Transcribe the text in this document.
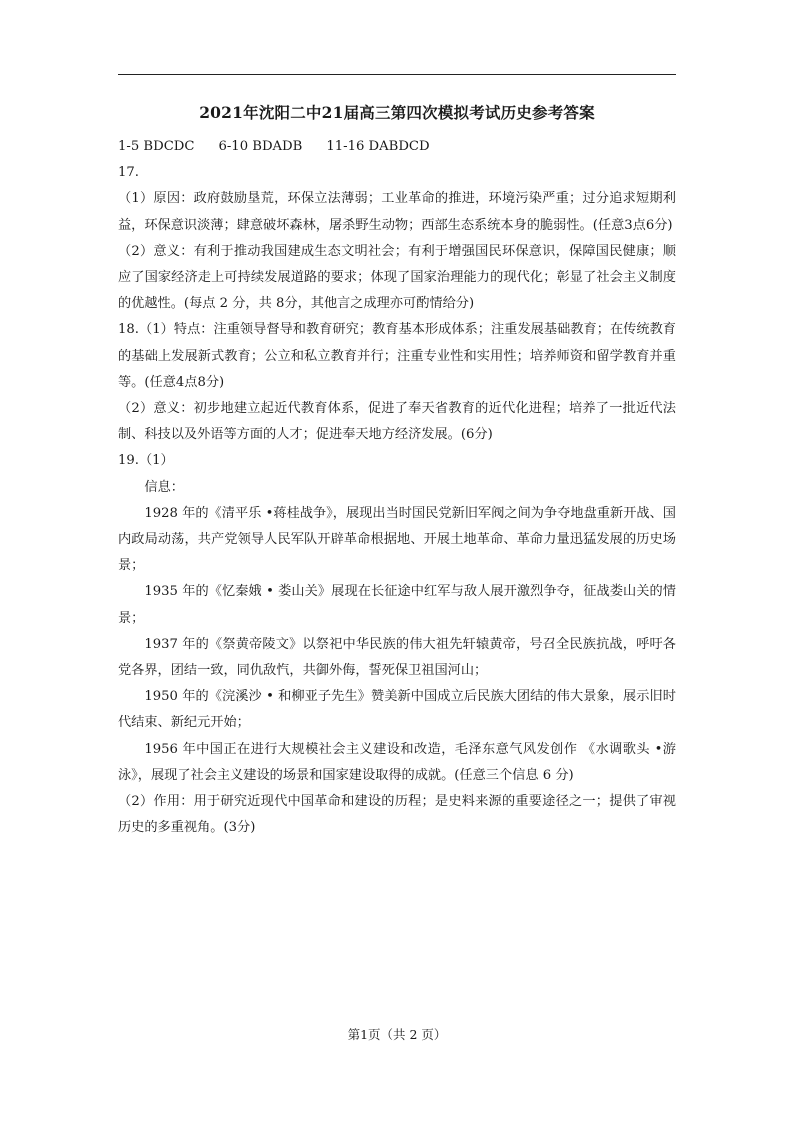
2021年沈阳二中21届高三第四次模拟考试历史参考答案
1-5 BDCDC 6-10 BDADB 11-16 DABDCD
17.

（1）原因：政府鼓励垦荒，环保立法薄弱；工业革命的推进，环境污染严重；过分追求短期利益，环保意识淡薄；肆意破坏森林，屠杀野生动物；西部生态系统本身的脆弱性。(任意3点6分)

（2）意义：有利于推动我国建成生态文明社会；有利于增强国民环保意识，保障国民健康；顺应了国家经济走上可持续发展道路的要求；体现了国家治理能力的现代化；彰显了社会主义制度的优越性。(每点 2 分，共 8分，其他言之成理亦可酌情给分)

18.（1）特点：注重领导督导和教育研究；教育基本形成体系；注重发展基础教育；在传统教育的基础上发展新式教育；公立和私立教育并行；注重专业性和实用性；培养师资和留学教育并重等。(任意4点8分)

（2）意义：初步地建立起近代教育体系，促进了奉天省教育的近代化进程；培养了一批近代法制、科技以及外语等方面的人才；促进奉天地方经济发展。(6分)

19.（1）

信息：

1928 年的《清平乐 •蒋桂战争》，展现出当时国民党新旧军阀之间为争夺地盘重新开战、国内政局动荡，共产党领导人民军队开辟革命根据地、开展土地革命、革命力量迅猛发展的历史场景；

1935 年的《忆秦娥 • 娄山关》展现在长征途中红军与敌人展开激烈争夺，征战娄山关的情景；

1937 年的《祭黄帝陵文》以祭祀中华民族的伟大祖先轩辕黄帝，号召全民族抗战，呼吁各党各界，团结一致，同仇敌忾，共御外侮，誓死保卫祖国河山；

1950 年的《浣溪沙 • 和柳亚子先生》赞美新中国成立后民族大团结的伟大景象，展示旧时代结束、新纪元开始；

1956 年中国正在进行大规模社会主义建设和改造，毛泽东意气风发创作 《水调歌头 •游泳》，展现了社会主义建设的场景和国家建设取得的成就。(任意三个信息 6 分)

（2）作用：用于研究近现代中国革命和建设的历程；是史料来源的重要途径之一；提供了审视历史的多重视角。(3分)

第1页（共 2 页）
